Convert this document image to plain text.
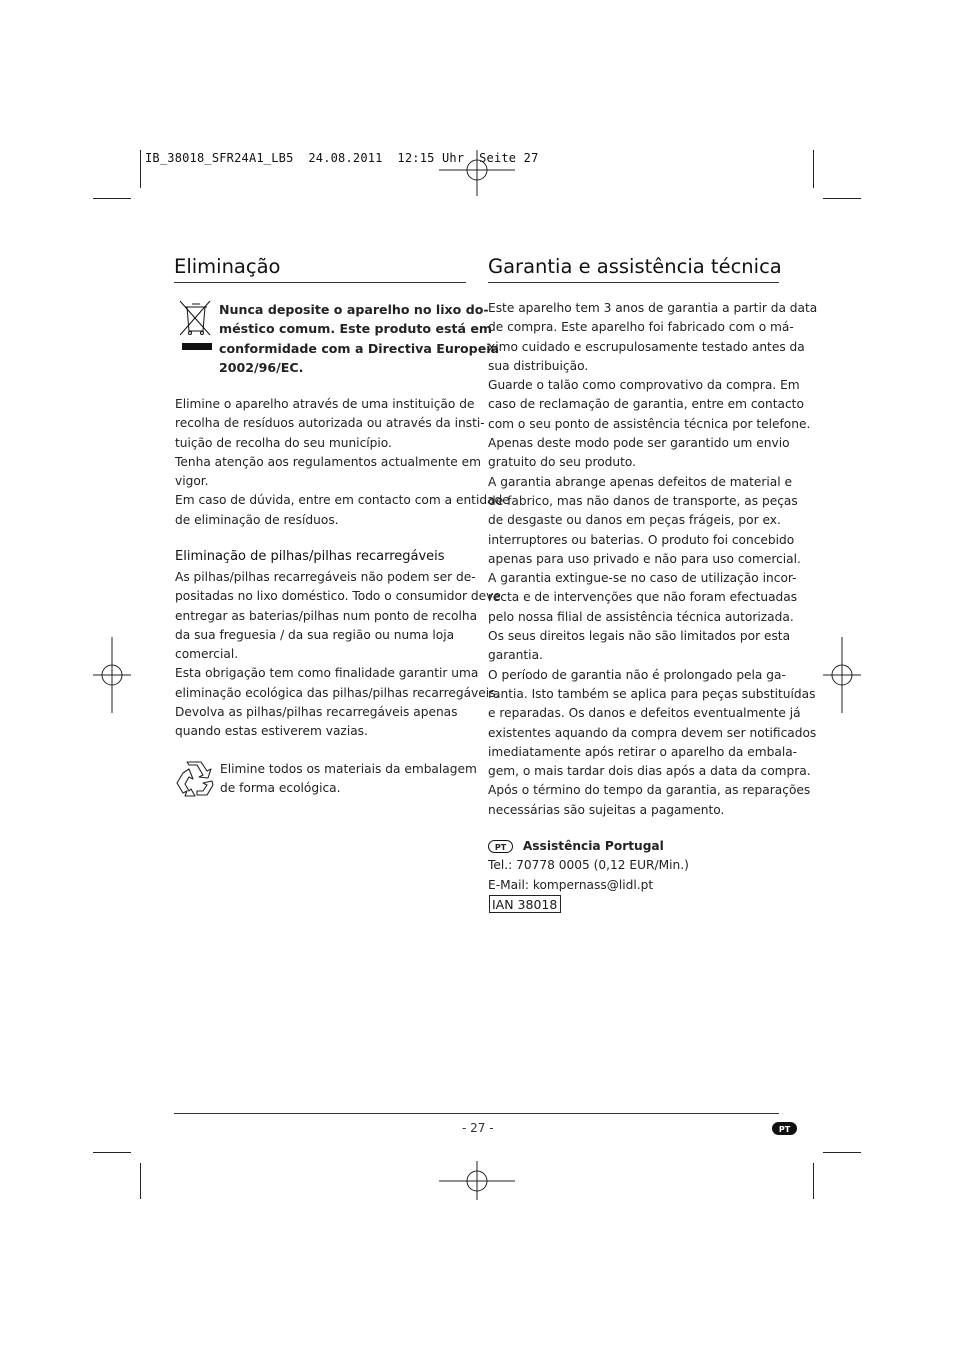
IB_38018_SFR24A1_LB5  24.08.2011  12:15 Uhr  Seite 27
Eliminação
Nunca deposite o aparelho no lixo do-
méstico comum. Este produto está em
conformidade com a Directiva Europeia
2002/96/EC.
Elimine o aparelho através de uma instituição de
recolha de resíduos autorizada ou através da insti-
tuição de recolha do seu município.
Tenha atenção aos regulamentos actualmente em
vigor.
Em caso de dúvida, entre em contacto com a entidade
de eliminação de resíduos.
Eliminação de pilhas/pilhas recarregáveis
As pilhas/pilhas recarregáveis não podem ser de-
positadas no lixo doméstico. Todo o consumidor deve
entregar as baterias/pilhas num ponto de recolha
da sua freguesia / da sua região ou numa loja
comercial.
Esta obrigação tem como finalidade garantir uma
eliminação ecológica das pilhas/pilhas recarregáveis.
Devolva as pilhas/pilhas recarregáveis apenas
quando estas estiverem vazias.
Elimine todos os materiais da embalagem
de forma ecológica.
Garantia e assistência técnica
Este aparelho tem 3 anos de garantia a partir da data
de compra. Este aparelho foi fabricado com o má-
ximo cuidado e escrupulosamente testado antes da
sua distribuição.
Guarde o talão como comprovativo da compra. Em
caso de reclamação de garantia, entre em contacto
com o seu ponto de assistência técnica por telefone.
Apenas deste modo pode ser garantido um envio
gratuito do seu produto.
A garantia abrange apenas defeitos de material e
de fabrico, mas não danos de transporte, as peças
de desgaste ou danos em peças frágeis, por ex.
interruptores ou baterias. O produto foi concebido
apenas para uso privado e não para uso comercial.
A garantia extingue-se no caso de utilização incor-
recta e de intervenções que não foram efectuadas
pelo nossa filial de assistência técnica autorizada.
Os seus direitos legais não são limitados por esta
garantia.
O período de garantia não é prolongado pela ga-
rantia. Isto também se aplica para peças substituídas
e reparadas. Os danos e defeitos eventualmente já
existentes aquando da compra devem ser notificados
imediatamente após retirar o aparelho da embala-
gem, o mais tardar dois dias após a data da compra.
Após o término do tempo da garantia, as reparações
necessárias são sujeitas a pagamento.
PT Assistência Portugal
Tel.: 70778 0005 (0,12 EUR/Min.)
E-Mail: kompernass@lidl.pt
IAN 38018
- 27 -	PT
